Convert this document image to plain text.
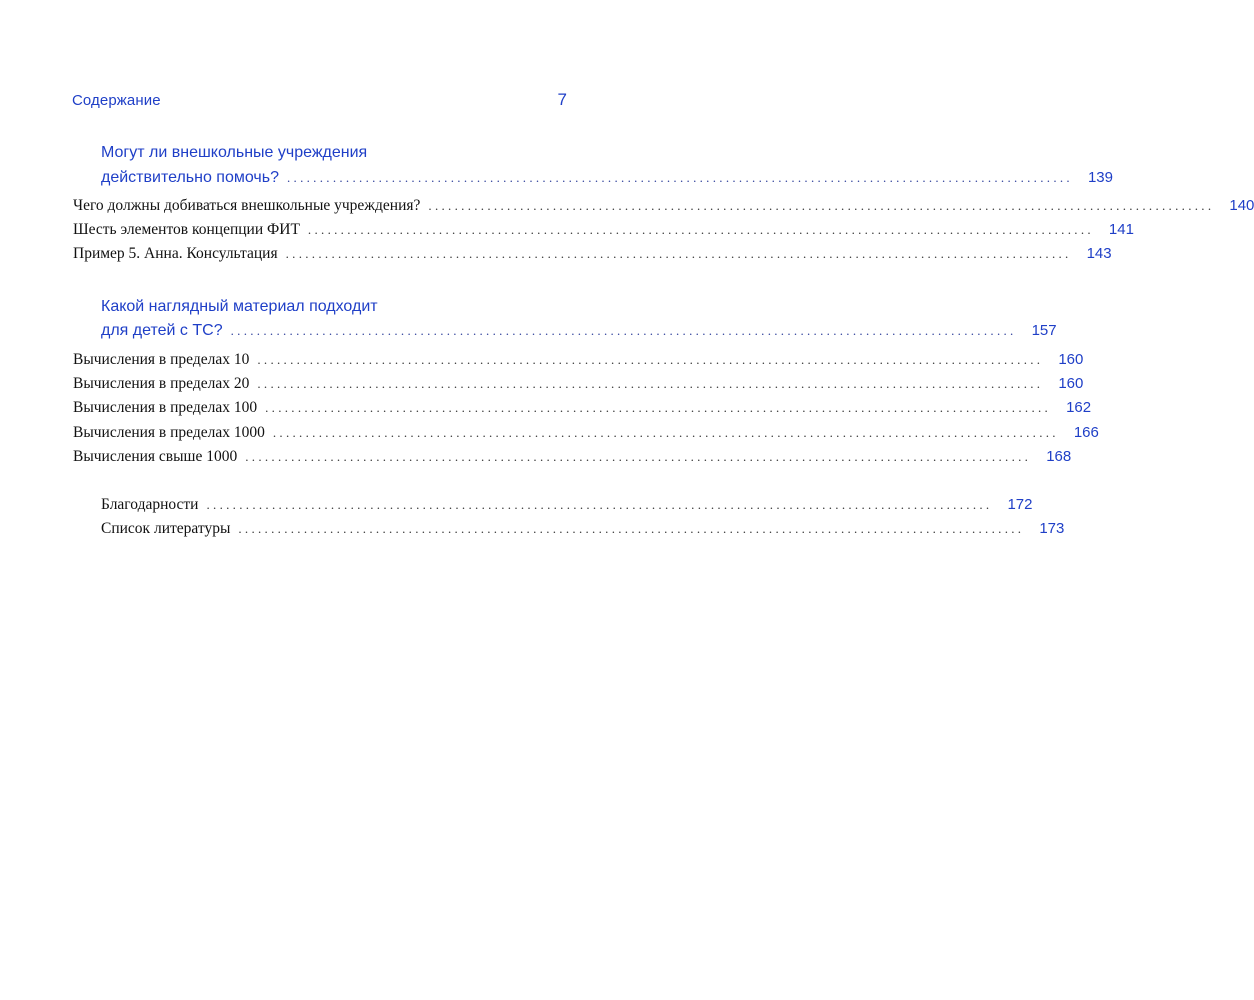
Содержание	7
Могут ли внешкольные учреждения
действительно помочь? ........................................................................................................................ 139
Чего должны добиваться внешкольные учреждения? ........................................................................................................................ 140
Шесть элементов концепции ФИТ ........................................................................................................................ 141
Пример 5. Анна. Консультация ........................................................................................................................ 143
Какой наглядный материал подходит
для детей с ТС? ........................................................................................................................ 157
Вычисления в пределах 10 ........................................................................................................................ 160
Вычисления в пределах 20 ........................................................................................................................ 160
Вычисления в пределах 100 ........................................................................................................................ 162
Вычисления в пределах 1000 ........................................................................................................................ 166
Вычисления свыше 1000 ........................................................................................................................ 168
Благодарности ........................................................................................................................ 172
Список литературы ........................................................................................................................ 173
